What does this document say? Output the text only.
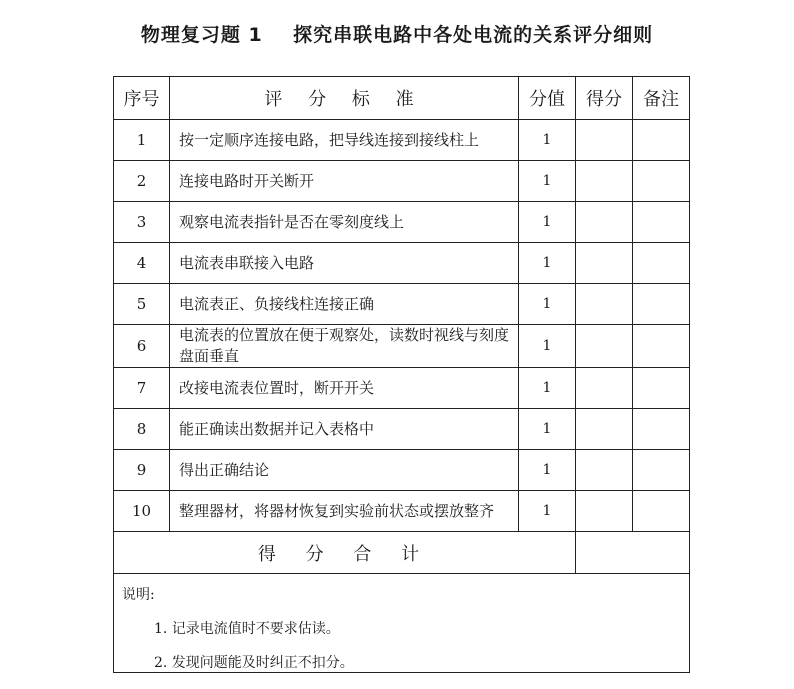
物理复习题 1    探究串联电路中各处电流的关系评分细则
序号	评 分 标 准	分值	得分	备注
1	按一定顺序连接电路，把导线连接到接线柱上	1		
2	连接电路时开关断开	1		
3	观察电流表指针是否在零刻度线上	1		
4	电流表串联接入电路	1		
5	电流表正、负接线柱连接正确	1		
6	电流表的位置放在便于观察处，读数时视线与刻度盘面垂直	1		
7	改接电流表位置时，断开开关	1		
8	能正确读出数据并记入表格中	1		
9	得出正确结论	1		
10	整理器材，将器材恢复到实验前状态或摆放整齐	1		
得 分 合 计				

说明:
1. 记录电流值时不要求估读。
2. 发现问题能及时纠正不扣分。				
